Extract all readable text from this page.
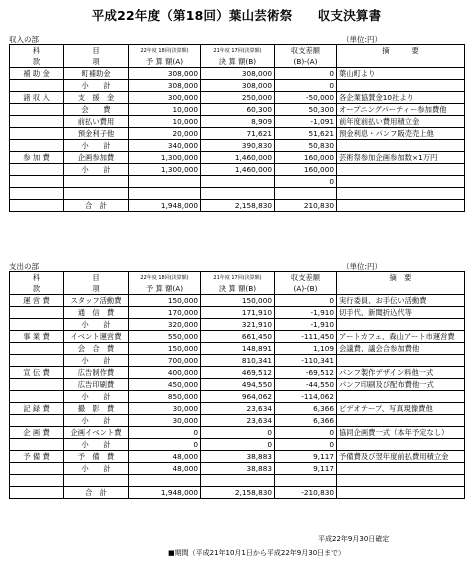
平成22年度（第18回）葉山芸術祭　　収支決算書
収入の部	（単位:円）
科	目	22年度 18回(決算額)	21年度 17回(決算額)	収支差額	摘　　　 要
款	項	予 算 額(A)	決 算 額(B)	(B)-(A)	
補 助 金	町補助金	308,000	308,000	0	葉山町より
	小　　計	308,000	308,000	0	
諸 収 入	支　援　金	300,000	250,000	-50,000	各企業協賛金10社より
	会　　費	10,000	60,300	50,300	オープニングパーティー参加費他
	前払い費用	10,000	8,909	-1,091	前年度前払い費用積立金
	預金利子他	20,000	71,621	51,621	預金利息・パンフ販売売上他
	小　　計	340,000	390,830	50,830	
参 加 費	企画参加費	1,300,000	1,460,000	160,000	芸術祭参加企画参加数×1万円
	小　　計	1,300,000	1,460,000	160,000	
				0	

	合　計	1,948,000	2,158,830	210,830	
支出の部	（単位:円）
科	目	22年度 18回(決算額)	21年度 17回(決算額)	収支差額	摘　要
款	項	予 算 額(A)	決 算 額(B)	(A)-(B)	
運 営 費	スタッフ活動費	150,000	150,000	0	実行委員、お手伝い活動費
	通　信　費	170,000	171,910	-1,910	切手代、新聞折込代等
	小　　計	320,000	321,910	-1,910	
事 業 費	イベント運営費	550,000	661,450	-111,450	アートカフェ、森山アート市運営費
	会　合　費	150,000	148,891	1,109	会議費、議会合参加費他
	小　　計	700,000	810,341	-110,341	
宣 伝 費	広告制作費	400,000	469,512	-69,512	パンフ製作デザイン料他一式
	広告印刷費	450,000	494,550	-44,550	パンフ印刷及び配布費他一式
	小　　計	850,000	964,062	-114,062	
記 録 費	撮　影　費	30,000	23,634	6,366	ビデオテープ、写真現像費他
	小　　計	30,000	23,634	6,366	
企 画 費	企画イベント費	0	0	0	協同企画費一式（本年予定なし）
	小　　計	0	0	0	
予 備 費	予　備　費	48,000	38,883	9,117	予備費及び翌年度前払費用積立金
	小　　計	48,000	38,883	9,117	

	合　計	1,948,000	2,158,830	-210,830	
平成22年9月30日確定
■期間（平成21年10月1日から平成22年9月30日まで）
